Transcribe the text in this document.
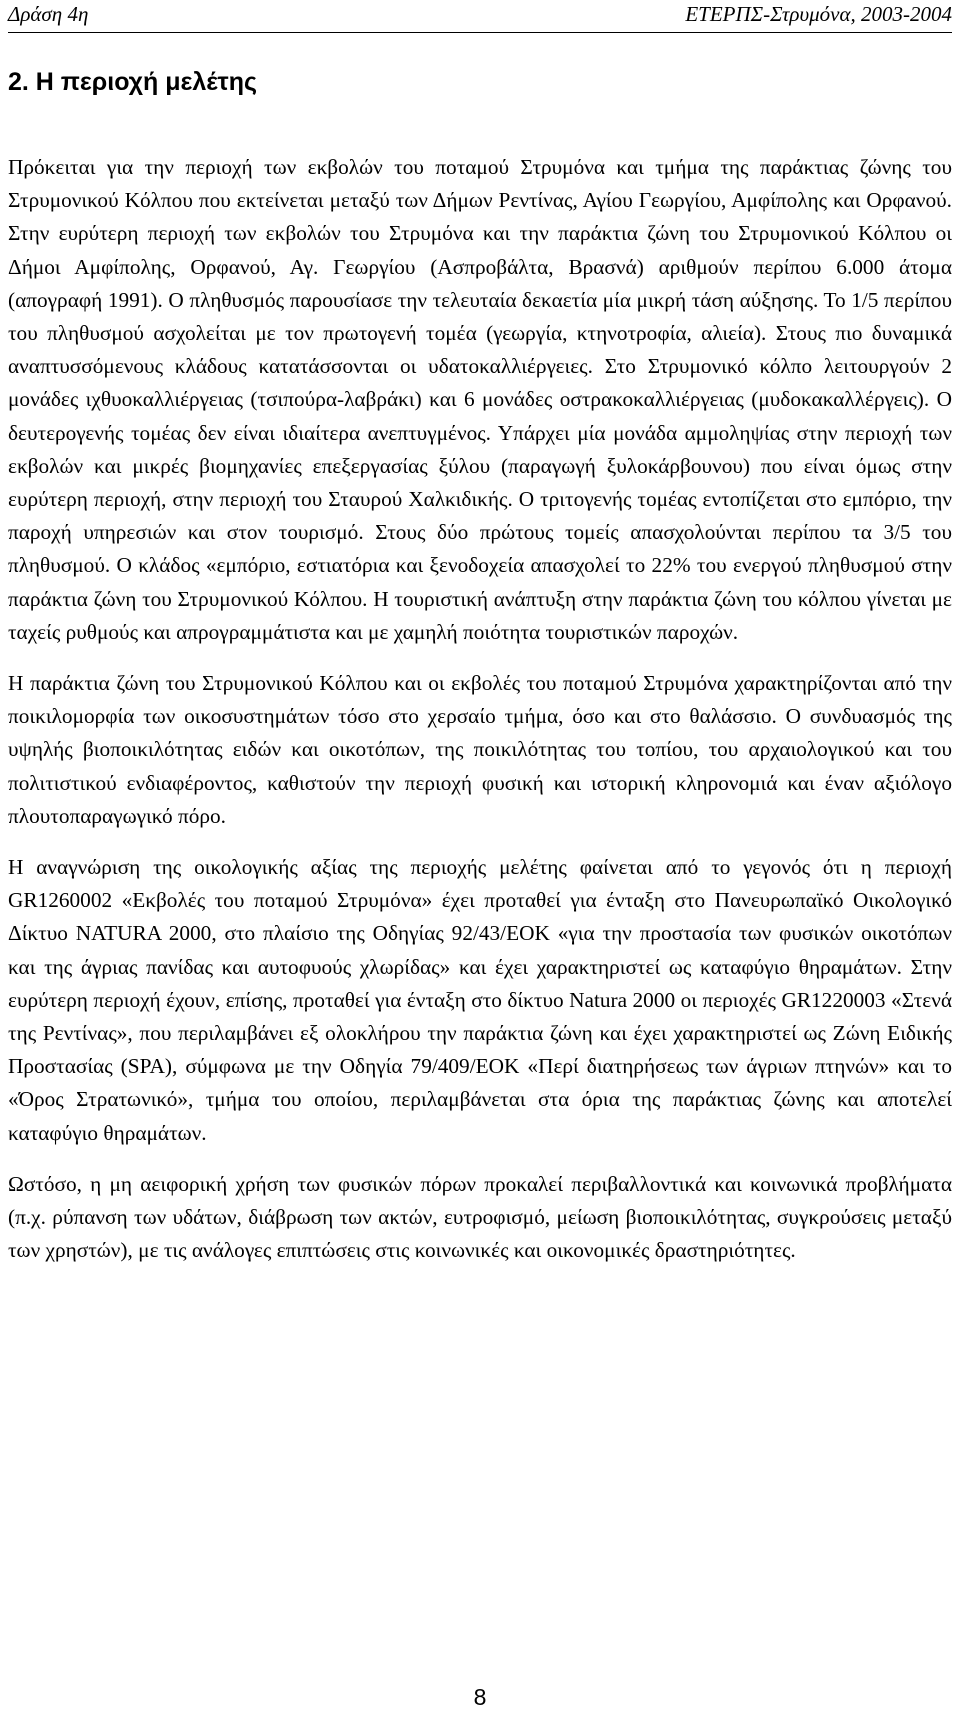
Δράση 4η	ΕΤΕΡΠΣ-Στρυμόνα, 2003-2004
2. Η περιοχή μελέτης

Πρόκειται για την περιοχή των εκβολών του ποταμού Στρυμόνα και τμήμα της παράκτιας ζώνης του Στρυμονικού Κόλπου που εκτείνεται μεταξύ των Δήμων Ρεντίνας, Αγίου Γεωργίου, Αμφίπολης και Ορφανού. Στην ευρύτερη περιοχή των εκβολών του Στρυμόνα και την παράκτια ζώνη του Στρυμονικού Κόλπου οι Δήμοι Αμφίπολης, Ορφανού, Αγ. Γεωργίου (Ασπροβάλτα, Βρασνά) αριθμούν περίπου 6.000 άτομα (απογραφή 1991). Ο πληθυσμός παρουσίασε την τελευταία δεκαετία μία μικρή τάση αύξησης. Το 1/5 περίπου του πληθυσμού ασχολείται με τον πρωτογενή τομέα (γεωργία, κτηνοτροφία, αλιεία). Στους πιο δυναμικά αναπτυσσόμενους κλάδους κατατάσσονται οι υδατοκαλλιέργειες. Στο Στρυμονικό κόλπο λειτουργούν 2 μονάδες ιχθυοκαλλιέργειας (τσιπούρα-λαβράκι) και 6 μονάδες οστρακοκαλλιέργειας (μυδοκακαλλέργεις). Ο δευτερογενής τομέας δεν είναι ιδιαίτερα ανεπτυγμένος. Υπάρχει μία μονάδα αμμοληψίας στην περιοχή των εκβολών και μικρές βιομηχανίες επεξεργασίας ξύλου (παραγωγή ξυλοκάρβουνου) που είναι όμως στην ευρύτερη περιοχή, στην περιοχή του Σταυρού Χαλκιδικής. Ο τριτογενής τομέας εντοπίζεται στο εμπόριο, την παροχή υπηρεσιών και στον τουρισμό. Στους δύο πρώτους τομείς απασχολούνται περίπου τα 3/5 του πληθυσμού. Ο κλάδος «εμπόριο, εστιατόρια και ξενοδοχεία απασχολεί το 22% του ενεργού πληθυσμού στην παράκτια ζώνη του Στρυμονικού Κόλπου. Η τουριστική ανάπτυξη στην παράκτια ζώνη του κόλπου γίνεται με ταχείς ρυθμούς και απρογραμμάτιστα και με χαμηλή ποιότητα τουριστικών παροχών.

Η παράκτια ζώνη του Στρυμονικού Κόλπου και οι εκβολές του ποταμού Στρυμόνα χαρακτηρίζονται από την ποικιλομορφία των οικοσυστημάτων τόσο στο χερσαίο τμήμα, όσο και στο θαλάσσιο. Ο συνδυασμός της υψηλής βιοποικιλότητας ειδών και οικοτόπων, της ποικιλότητας του τοπίου, του αρχαιολογικού και του πολιτιστικού ενδιαφέροντος, καθιστούν την περιοχή φυσική και ιστορική κληρονομιά και έναν αξιόλογο πλουτοπαραγωγικό πόρο.

Η αναγνώριση της οικολογικής αξίας της περιοχής μελέτης φαίνεται από το γεγονός ότι η περιοχή GR1260002 «Εκβολές του ποταμού Στρυμόνα» έχει προταθεί για ένταξη στο Πανευρωπαϊκό Οικολογικό Δίκτυο NATURA 2000, στο πλαίσιο της Οδηγίας 92/43/ΕΟΚ «για την προστασία των φυσικών οικοτόπων και της άγριας πανίδας και αυτοφυούς χλωρίδας» και έχει χαρακτηριστεί ως καταφύγιο θηραμάτων. Στην ευρύτερη περιοχή έχουν, επίσης, προταθεί για ένταξη στο δίκτυο Natura 2000 οι περιοχές GR1220003 «Στενά της Ρεντίνας», που περιλαμβάνει εξ ολοκλήρου την παράκτια ζώνη και έχει χαρακτηριστεί ως Ζώνη Ειδικής Προστασίας (SPA), σύμφωνα με την Οδηγία 79/409/ΕΟΚ «Περί διατηρήσεως των άγριων πτηνών» και το «Όρος Στρατωνικό», τμήμα του οποίου, περιλαμβάνεται στα όρια της παράκτιας ζώνης και αποτελεί καταφύγιο θηραμάτων.

Ωστόσο, η μη αειφορική χρήση των φυσικών πόρων προκαλεί περιβαλλοντικά και κοινωνικά προβλήματα (π.χ. ρύπανση των υδάτων, διάβρωση των ακτών, ευτροφισμό, μείωση βιοποικιλότητας, συγκρούσεις μεταξύ των χρηστών), με τις ανάλογες επιπτώσεις στις κοινωνικές και οικονομικές δραστηριότητες.

8
